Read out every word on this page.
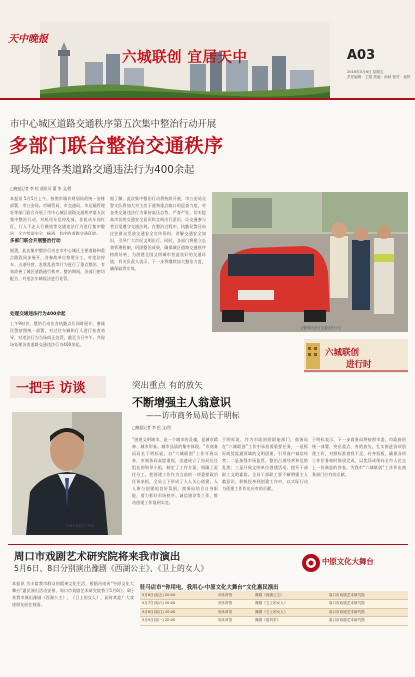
天中晚报
六城联创 宜居天中	A03
2016年5月6日 星期五
责任编辑：王娟 美编：孙林 校对：崔婷
市中心城区道路交通秩序第五次集中整治行动开展
多部门联合整治交通秩序
现场处理各类道路交通违法行为400余起
□晚报记者 李 松 通讯员 董 华 文/图
本报讯 5月5日上午，按照市城乡规划局的统一安排部署，市公安局、市城管局、市交通局、市运输管理处等部门联合开展了市中心城区道路交通秩序第五次集中整治行动，对机动车乱停乱放、非机动车闯红灯、行人不走人行横道等交通违法行为进行集中整治，全力营造安全、畅通、有序的道路交通环境。
多部门联合开展整治行动
据悉，此次集中整治行动在市中心城区主要道路和重点路段同步展开，各参战单位按照分工，对违法停车、占道经营、乱堆乱放等行为进行了重点整治，有效改善了城区道路通行秩序。整治期间，各部门密切配合，对违法车辆依法进行处罚。
处理交通违法行为400余起
上午9时许，整治行动在各执勤点位同时展开，参战民警按照统一部署，对过往车辆和行人进行检查劝导，对违法行为当场纠正处罚，截至当日中午，共现场处理各类道路交通违法行为400余起。
据了解，此次集中整治行动将持续开展，市公安局交警支队将加大对主次干道和重点路口的巡查力度，对各类交通违法行为保持高压态势，严查严处，切实提高市民的交通安全意识和文明出行意识，让交通参与者自觉遵守交通法规。在整治过程中，执勤民警还向过往群众发放交通安全宣传资料，讲解交通安全知识，引导广大市民文明出行。同时，各部门将建立长效管理机制，巩固整治成果，确保城区道路交通秩序持续好转，为创建全国文明城市营造良好的交通环境，有关负责人表示，下一步将继续加大整治力度，确保取得实效。
交警现场查处交通违法行为
六城联创
进行时
一把手 访谈	突出重点 有的放矢
不断增强主人翁意识
——访市商务局局长于明标
□晚报记者 李 松 文/图
市商务局局长于明标
“创建文明城市，是一个城市的灵魂，是城市精神、城市形象、城市品质的集中体现。”市商务局局长于明标说。自“六城联创”工作开展以来，市商务局高度重视，迅速成立了由局长任组长的领导小组，制定了工作方案，明确了责任分工，把创建工作作为当前的一项重要政治任务来抓，全局上下形成了人人关心创建、人人参与创建的良好氛围。商务局结合自身职能，着力抓好市场秩序、诚信建设等工作，推动创建工作落到实处。
于明标说，作为市政府的职能部门，商务局在“六城联创”工作中承担着重要任务，一是抓好商贸流通领域的文明创建，引导商户诚信经营；二是加强市场监管，整治占道经营和乱搭乱建；三是开展文明单位创建活动，提升干部职工文明素质。全局干部职工要不断增强主人翁意识，积极投身到创建工作中，以实际行动为创建工作作出应有的贡献。
于明标表示，下一步商务局将按照市委、市政府的统一部署，突出重点，有的放矢，扎实推进各项创建工作，对照标准查找不足，补齐短板，确保各项工作任务按时保质完成，以优异成绩向全市人民交上一份满意的答卷，为我市“六城联创”工作作出商务部门应有的贡献。
周口市戏剧艺术研究院将来我市演出
5月6日、8日分别演出豫剧《西湖公主》、《卫上的女人》
中原文化大舞台
本报讯 为丰富我市群众的精神文化生活，根据河南省“中原文化大舞台”惠民演出活动安排，周口市戏剧艺术研究院将于5月6日、8日来我市演出豫剧《西湖公主》、《卫上的女人》，届时欢迎广大戏迷朋友前往观看。
驻马店市“你用电，我用心·中原文化大舞台”文化惠民演出
5月6日(周五) 20:00	市体育馆	豫剧《西湖公主》	周口市戏剧艺术研究院
5月7日(周六) 20:00	市体育馆	豫剧《卫上的女人》	周口市戏剧艺术研究院
5月8日(周日) 20:00	市体育馆	豫剧《卫上的女人》	周口市戏剧艺术研究院
5月9日(周一) 20:00	市体育馆	豫剧《清风亭》	周口市戏剧艺术研究院
